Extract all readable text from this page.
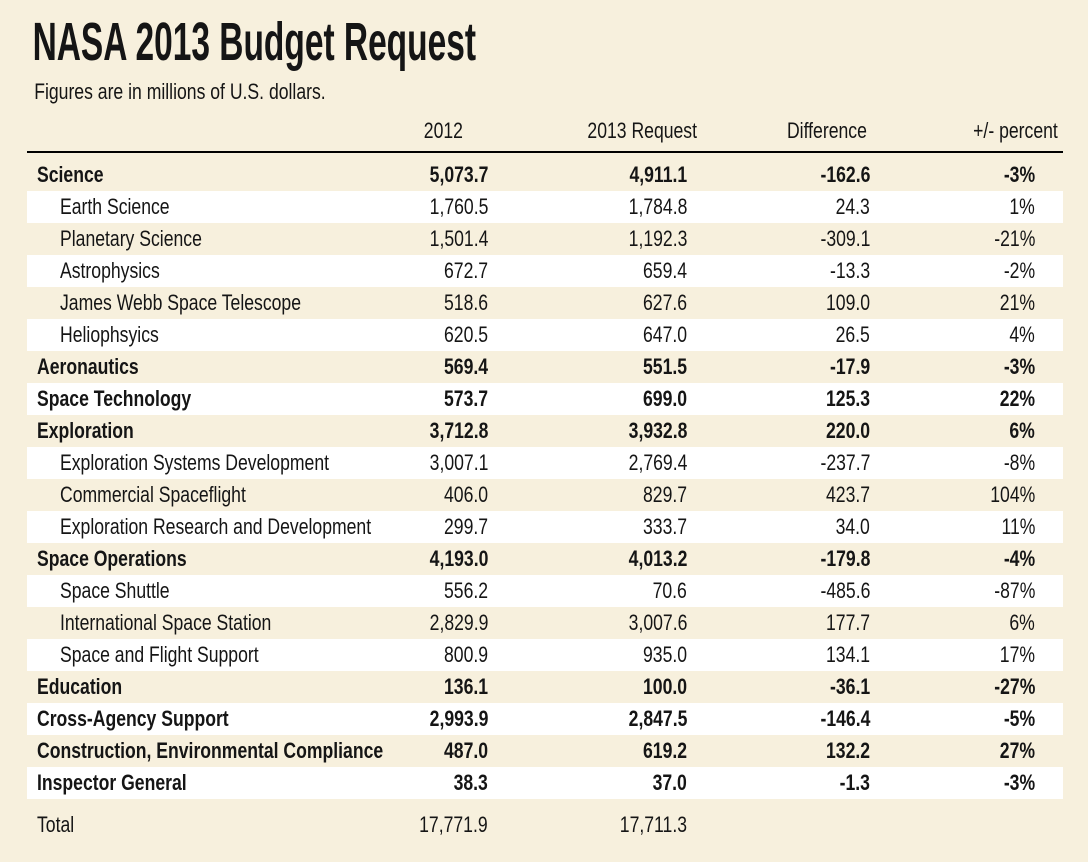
NASA 2013 Budget Request

Figures are in millions of U.S. dollars.

	2012	2013 Request	Difference	+/- percent

Science	5,073.7	4,911.1	-162.6	-3%
Earth Science	1,760.5	1,784.8	24.3	1%
Planetary Science	1,501.4	1,192.3	-309.1	-21%
Astrophysics	672.7	659.4	-13.3	-2%
James Webb Space Telescope	518.6	627.6	109.0	21%
Heliophsyics	620.5	647.0	26.5	4%
Aeronautics	569.4	551.5	-17.9	-3%
Space Technology	573.7	699.0	125.3	22%
Exploration	3,712.8	3,932.8	220.0	6%
Exploration Systems Development	3,007.1	2,769.4	-237.7	-8%
Commercial Spaceflight	406.0	829.7	423.7	104%
Exploration Research and Development	299.7	333.7	34.0	11%
Space Operations	4,193.0	4,013.2	-179.8	-4%
Space Shuttle	556.2	70.6	-485.6	-87%
International Space Station	2,829.9	3,007.6	177.7	6%
Space and Flight Support	800.9	935.0	134.1	17%
Education	136.1	100.0	-36.1	-27%
Cross-Agency Support	2,993.9	2,847.5	-146.4	-5%
Construction, Environmental Compliance	487.0	619.2	132.2	27%
Inspector General	38.3	37.0	-1.3	-3%

Total	17,771.9	17,711.3		
